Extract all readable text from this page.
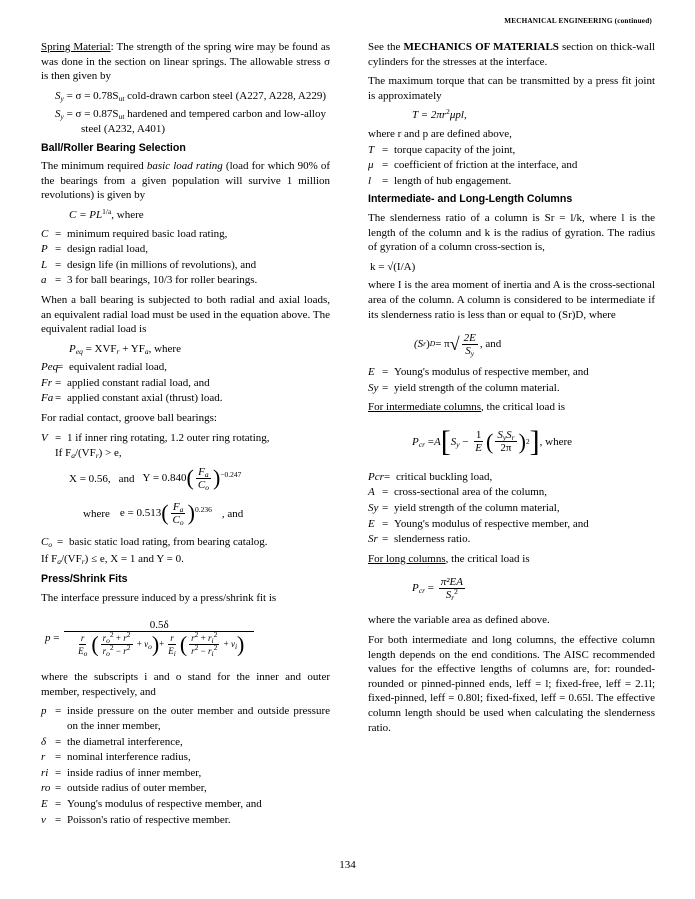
MECHANICAL ENGINEERING (continued)

Spring Material: The strength of the spring wire may be found as was done in the section on linear springs. The allowable stress σ is then given by

$S_y = \sigma = 0.78S_{ut}$ cold-drawn carbon steel (A227, A228, A229)
$S_y = \sigma = 0.87S_{ut}$ hardened and tempered carbon and low-alloy steel (A232, A401)
Ball/Roller Bearing Selection

The minimum required basic load rating (load for which 90% of the bearings from a given population will survive 1 million revolutions) is given by

$C = PL^{1/a}$, where
C = minimum required basic load rating,
P = design radial load,
L = design life (in millions of revolutions), and
a = 3 for ball bearings, 10/3 for roller bearings.

When a ball bearing is subjected to both radial and axial loads, an equivalent radial load must be used in the equation above. The equivalent radial load is

$P_{eq} = XVF_r + YF_a$, where
Peq
= equivalent radial load,
Fr = applied constant radial load, and
Fa = applied constant axial (thrust) load.

For radial contact, groove ball bearings:

V = 1 if inner ring rotating, 1.2 outer ring rotating,
If $F_a/(VF_r) > e$,
X = 0.56, and $Y = 0.840( \frac{F_a}{C_o} )^{-0.247}$
where $e = 0.513( \frac{F_a}{C_o} )^{0.236}$ , and
$C_o$ = basic static load rating, from bearing catalog.

If $F_a/(VF_r) \le e$, X = 1 and Y = 0.

Press/Shrink Fits

The interface pressure induced by a press/shrink fit is

$p = \frac{0.5\delta}{\frac{r}{E_o} ( \frac{r_o^2 + r^2}{r_o^2 - r^2} + v_o)+ \frac{r}{E_i} ( \frac{r^2 + r_i^2}{r^2 - r_i^2} + v_i)}$

where the subscripts i and o stand for the inner and outer member, respectively, and

p = inside pressure on the outer member and outside pressure on the inner member,
δ = the diametral interference,
r = nominal interference radius,
ri = inside radius of inner member,
ro = outside radius of outer member,
E = Young's modulus of respective member, and
v = Poisson's ratio of respective member.

See the MECHANICS OF MATERIALS section on thick-wall cylinders for the stresses at the interface.

The maximum torque that can be transmitted by a press fit joint is approximately

$T = 2\pi r^2\mu pl$,

where r and p are defined above,

T = torque capacity of the joint,
μ = coefficient of friction at the interface, and
l = length of hub engagement.
Intermediate- and Long-Length Columns

The slenderness ratio of a column is Sr = l/k, where l is the length of the column and k is the radius of gyration. The radius of gyration of a column cross-section is,

k = √(I/A)

where I is the area moment of inertia and A is the cross-sectional area of the column. A column is considered to be intermediate if its slenderness ratio is less than or equal to (Sr)D, where

(S r ) D = π √ $\frac{2E}{S_y}$ , and
E = Young's modulus of respective member, and
Sy = yield strength of the column material.

For intermediate columns, the critical load is

$P_{cr} = A$ [ $S_y - \frac{1}{E}$ ( $\frac{S_yS_r}{2\pi}$ ) 2 ] , where
Pcr = critical buckling load,
A = cross-sectional area of the column,
Sy = yield strength of the column material,
E = Young's modulus of respective member, and
Sr = slenderness ratio.

For long columns, the critical load is

$P_{cr} = \frac{\text{π²EA}}{S_r^2}$

where the variable area as defined above.

For both intermediate and long columns, the effective column length depends on the end conditions. The AISC recommended values for the effective lengths of columns are, for: rounded-rounded or pinned-pinned ends, leff = l; fixed-free, leff = 2.1l; fixed-pinned, leff = 0.80l; fixed-fixed, leff = 0.65l. The effective column length should be used when calculating the slenderness ratio.

134
